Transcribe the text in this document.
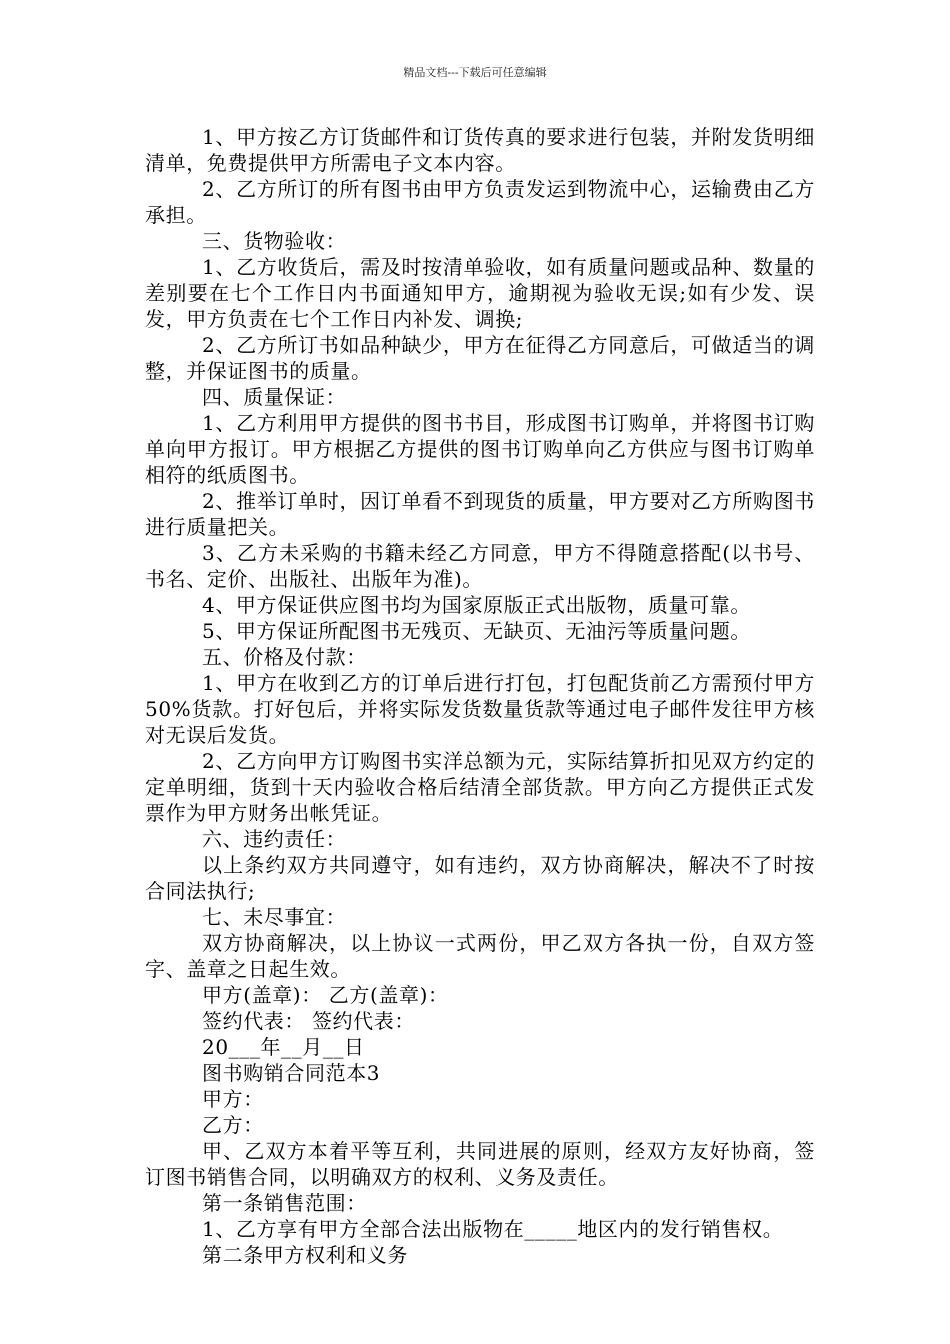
精品文档---下载后可任意编辑

1、甲方按乙方订货邮件和订货传真的要求进行包装，并附发货明细清单，免费提供甲方所需电子文本内容。

2、乙方所订的所有图书由甲方负责发运到物流中心，运输费由乙方承担。

三、货物验收：

1、乙方收货后，需及时按清单验收，如有质量问题或品种、数量的差别要在七个工作日内书面通知甲方，逾期视为验收无误;如有少发、误发，甲方负责在七个工作日内补发、调换;

2、乙方所订书如品种缺少，甲方在征得乙方同意后，可做适当的调整，并保证图书的质量。

四、质量保证：

1、乙方利用甲方提供的图书书目，形成图书订购单，并将图书订购单向甲方报订。甲方根据乙方提供的图书订购单向乙方供应与图书订购单相符的纸质图书。

2、推举订单时，因订单看不到现货的质量，甲方要对乙方所购图书进行质量把关。

3、乙方未采购的书籍未经乙方同意，甲方不得随意搭配(以书号、书名、定价、出版社、出版年为准)。

4、甲方保证供应图书均为国家原版正式出版物，质量可靠。

5、甲方保证所配图书无残页、无缺页、无油污等质量问题。

五、价格及付款：

1、甲方在收到乙方的订单后进行打包，打包配货前乙方需预付甲方50%货款。打好包后，并将实际发货数量货款等通过电子邮件发往甲方核对无误后发货。

2、乙方向甲方订购图书实洋总额为元，实际结算折扣见双方约定的定单明细，货到十天内验收合格后结清全部货款。甲方向乙方提供正式发票作为甲方财务出帐凭证。

六、违约责任：

以上条约双方共同遵守，如有违约，双方协商解决，解决不了时按合同法执行;

七、未尽事宜：

双方协商解决，以上协议一式两份，甲乙双方各执一份，自双方签字、盖章之日起生效。

甲方(盖章)： 乙方(盖章)：

签约代表： 签约代表：

20___年__月__日

图书购销合同范本3

甲方：

乙方：

甲、乙双方本着平等互利，共同进展的原则，经双方友好协商，签订图书销售合同，以明确双方的权利、义务及责任。

第一条销售范围：

1、乙方享有甲方全部合法出版物在_____地区内的发行销售权。

第二条甲方权利和义务
